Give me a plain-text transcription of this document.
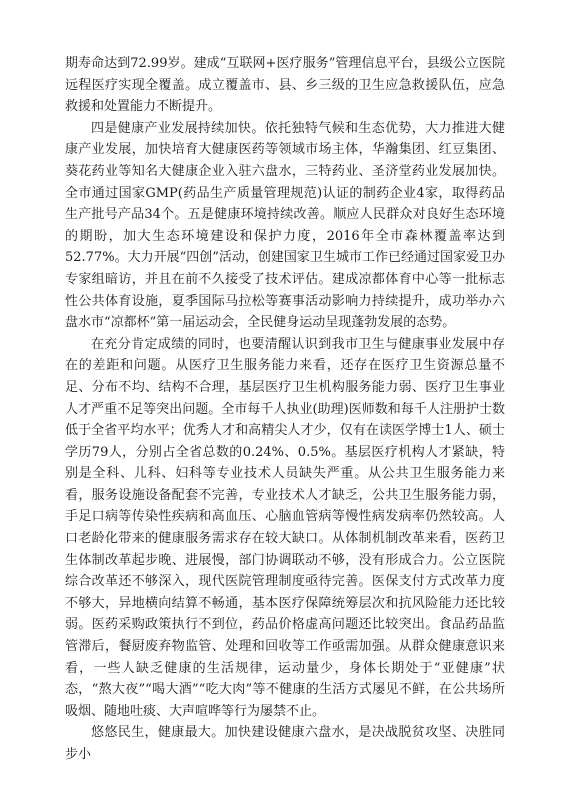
期寿命达到72.99岁。建成“互联网+医疗服务”管理信息平台，县级公立医院远程医疗实现全覆盖。成立覆盖市、县、乡三级的卫生应急救援队伍，应急救援和处置能力不断提升。

四是健康产业发展持续加快。依托独特气候和生态优势，大力推进大健康产业发展，加快培育大健康医药等领域市场主体，华瀚集团、红豆集团、葵花药业等知名大健康企业入驻六盘水，三特药业、圣济堂药业发展加快。全市通过国家GMP(药品生产质量管理规范)认证的制药企业4家，取得药品生产批号产品34个。五是健康环境持续改善。顺应人民群众对良好生态环境的期盼，加大生态环境建设和保护力度，2016年全市森林覆盖率达到52.77%。大力开展“四创”活动，创建国家卫生城市工作已经通过国家爱卫办专家组暗访，并且在前不久接受了技术评估。建成凉都体育中心等一批标志性公共体育设施，夏季国际马拉松等赛事活动影响力持续提升，成功举办六盘水市“凉都杯”第一届运动会，全民健身运动呈现蓬勃发展的态势。

在充分肯定成绩的同时，也要清醒认识到我市卫生与健康事业发展中存在的差距和问题。从医疗卫生服务能力来看，还存在医疗卫生资源总量不足、分布不均、结构不合理，基层医疗卫生机构服务能力弱、医疗卫生事业人才严重不足等突出问题。全市每千人执业(助理)医师数和每千人注册护士数低于全省平均水平；优秀人才和高精尖人才少，仅有在读医学博士1人、硕士学历79人，分别占全省总数的0.24%、0.5%。基层医疗机构人才紧缺，特别是全科、儿科、妇科等专业技术人员缺失严重。从公共卫生服务能力来看，服务设施设备配套不完善，专业技术人才缺乏，公共卫生服务能力弱，手足口病等传染性疾病和高血压、心脑血管病等慢性病发病率仍然较高。人口老龄化带来的健康服务需求存在较大缺口。从体制机制改革来看，医药卫生体制改革起步晚、进展慢，部门协调联动不够，没有形成合力。公立医院综合改革还不够深入，现代医院管理制度亟待完善。医保支付方式改革力度不够大，异地横向结算不畅通，基本医疗保障统筹层次和抗风险能力还比较弱。医药采购政策执行不到位，药品价格虚高问题还比较突出。食品药品监管滞后，餐厨废弃物监管、处理和回收等工作亟需加强。从群众健康意识来看，一些人缺乏健康的生活规律，运动量少，身体长期处于“亚健康”状态，“熬大夜”“喝大酒”“吃大肉”等不健康的生活方式屡见不鲜，在公共场所吸烟、随地吐痰、大声喧哗等行为屡禁不止。

悠悠民生，健康最大。加快建设健康六盘水，是决战脱贫攻坚、决胜同步小
